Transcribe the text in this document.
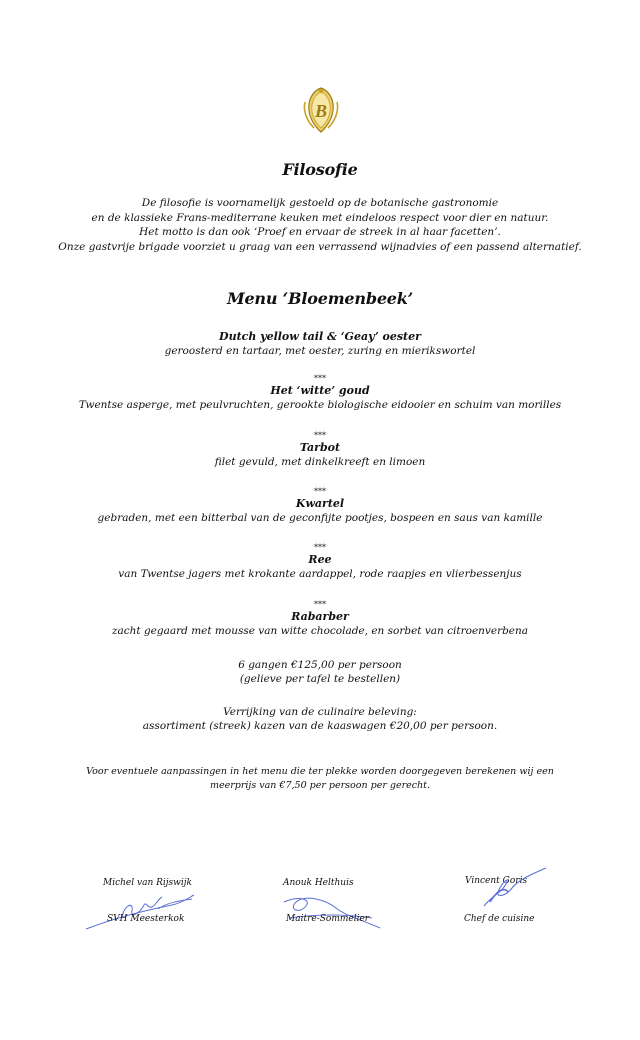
B
Filosofie
De filosofie is voornamelijk gestoeld op de botanische gastronomie
en de klassieke Frans-mediterrane keuken met eindeloos respect voor dier en natuur.
Het motto is dan ook ‘Proef en ervaar de streek in al haar facetten’.
Onze gastvrije brigade voorziet u graag van een verrassend wijnadvies of een passend alternatief.
Menu ‘Bloemenbeek’
Dutch yellow tail & ‘Geay’ oester
geroosterd en tartaar, met oester, zuring en mierikswortel
***
Het ‘witte’ goud
Twentse asperge, met peulvruchten, gerookte biologische eidooier en schuim van morilles
***
Tarbot
filet gevuld, met dinkelkreeft en limoen
***
Kwartel
gebraden, met een bitterbal van de geconfijte pootjes, bospeen en saus van kamille
***
Ree
van Twentse jagers met krokante aardappel, rode raapjes en vlierbessenjus
***
Rabarber
zacht gegaard met mousse van witte chocolade, en sorbet van citroenverbena
6 gangen €125,00 per persoon
(gelieve per tafel te bestellen)
Verrijking van de culinaire beleving:
assortiment (streek) kazen van de kaaswagen €20,00 per persoon.
Voor eventuele aanpassingen in het menu die ter plekke worden doorgegeven berekenen wij een
meerprijs van €7,50 per persoon per gerecht.
Michel van Rijswijk
SVH Meesterkok
Anouk Helthuis
Maitre-Sommelier
Vincent Goris
Chef de cuisine
